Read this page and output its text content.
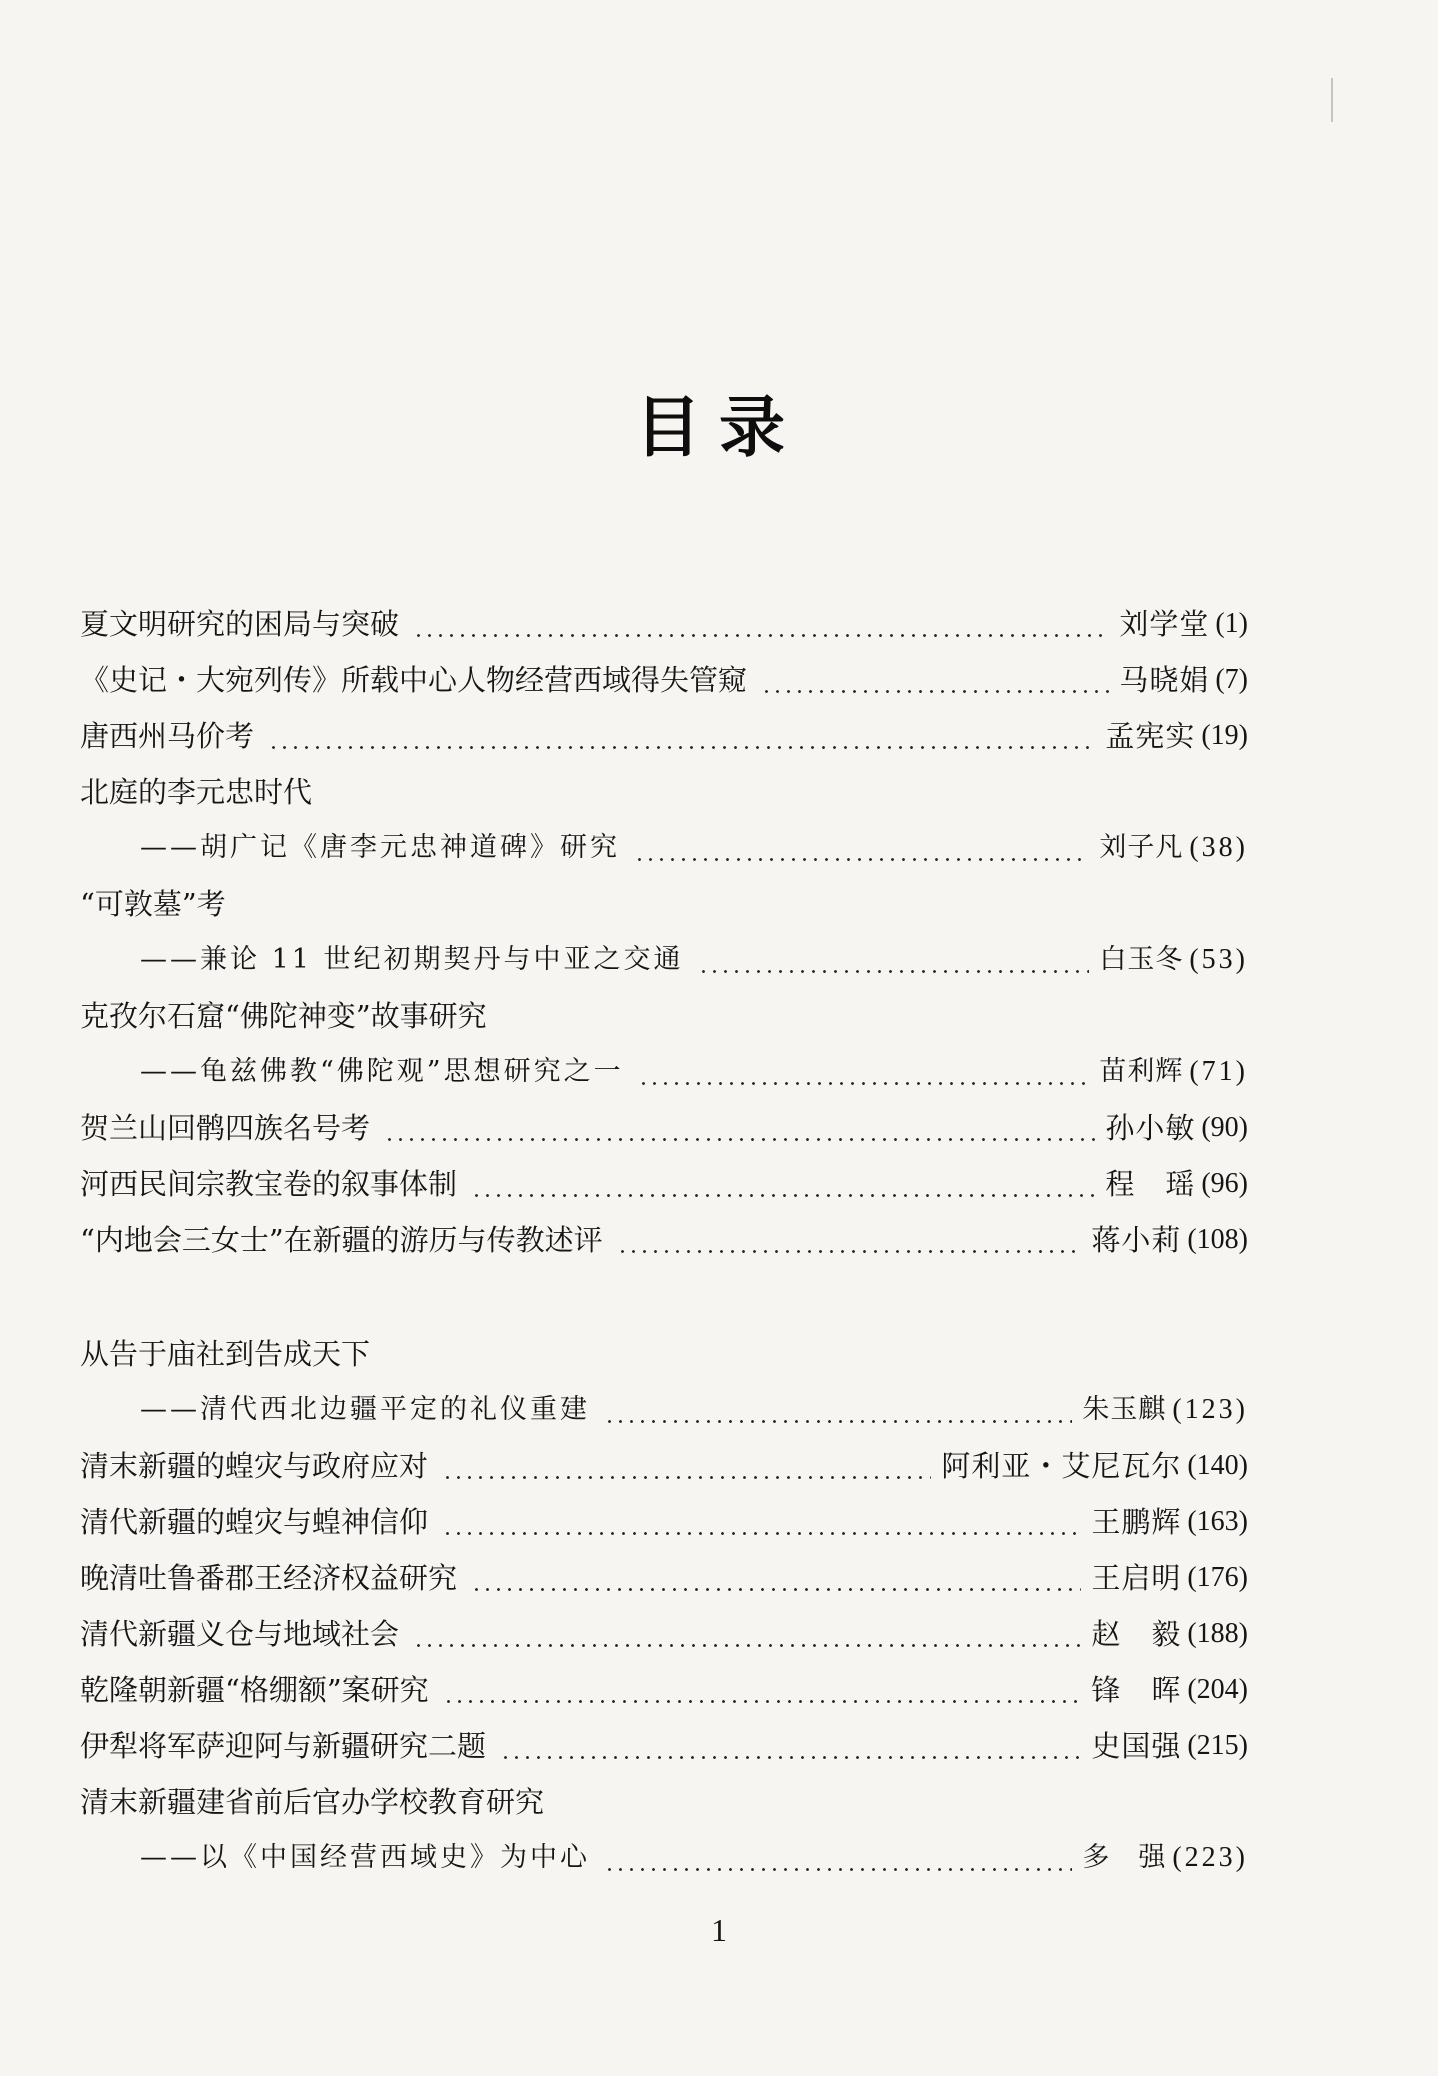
目录
夏文明研究的困局与突破	刘学堂 (1)
《史记・大宛列传》所载中心人物经营西域得失管窥	马晓娟 (7)
唐西州马价考	孟宪实 (19)
北庭的李元忠时代
——胡广记《唐李元忠神道碑》研究	刘子凡 (38)
“可敦墓”考
——兼论 11 世纪初期契丹与中亚之交通	白玉冬 (53)
克孜尔石窟“佛陀神变”故事研究
——龟兹佛教“佛陀观”思想研究之一	苗利辉 (71)
贺兰山回鹘四族名号考	孙小敏 (90)
河西民间宗教宝卷的叙事体制	程　瑶 (96)
“内地会三女士”在新疆的游历与传教述评	蒋小莉 (108)
从告于庙社到告成天下
——清代西北边疆平定的礼仪重建	朱玉麒 (123)
清末新疆的蝗灾与政府应对	阿利亚・艾尼瓦尔 (140)
清代新疆的蝗灾与蝗神信仰	王鹏辉 (163)
晚清吐鲁番郡王经济权益研究	王启明 (176)
清代新疆义仓与地域社会	赵　毅 (188)
乾隆朝新疆“格绷额”案研究	锋　晖 (204)
伊犁将军萨迎阿与新疆研究二题	史国强 (215)
清末新疆建省前后官办学校教育研究
——以《中国经营西域史》为中心	多　强 (223)
1
